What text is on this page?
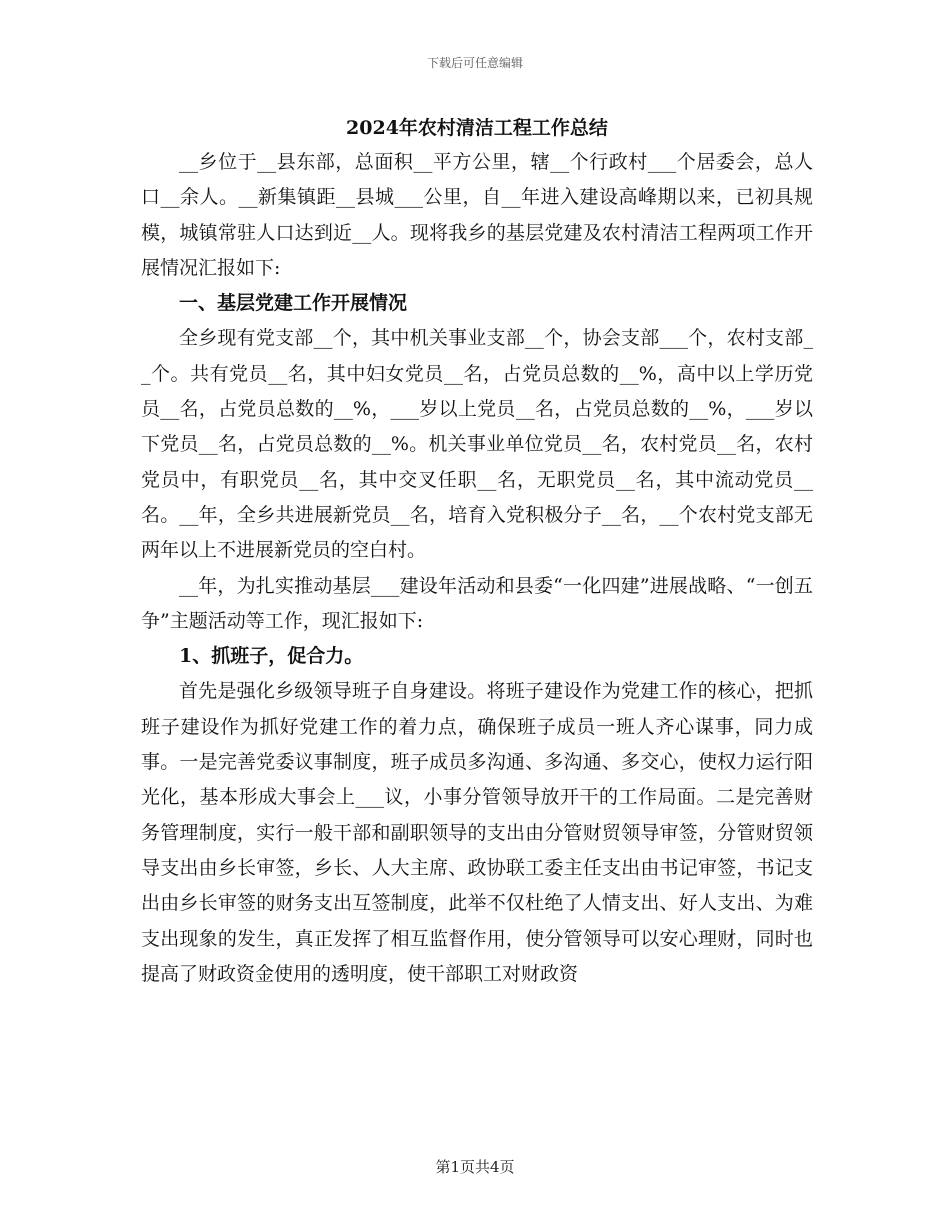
下载后可任意编辑
2024年农村清洁工程工作总结

__乡位于__县东部，总面积__平方公里，辖__个行政村___个居委会，总人口__余人。__新集镇距__县城___公里，自__年进入建设高峰期以来，已初具规模，城镇常驻人口达到近__人。现将我乡的基层党建及农村清洁工程两项工作开展情况汇报如下:

一、基层党建工作开展情况

全乡现有党支部__个，其中机关事业支部__个，协会支部___个，农村支部__个。共有党员__名，其中妇女党员__名，占党员总数的__%，高中以上学历党员__名，占党员总数的__%，___岁以上党员__名，占党员总数的__%，___岁以下党员__名，占党员总数的__%。机关事业单位党员__名，农村党员__名，农村党员中，有职党员__名，其中交叉任职__名，无职党员__名，其中流动党员__名。__年，全乡共进展新党员__名，培育入党积极分子__名，__个农村党支部无两年以上不进展新党员的空白村。

__年，为扎实推动基层___建设年活动和县委“一化四建”进展战略、“一创五争”主题活动等工作，现汇报如下:

1、抓班子，促合力。

首先是强化乡级领导班子自身建设。将班子建设作为党建工作的核心，把抓班子建设作为抓好党建工作的着力点，确保班子成员一班人齐心谋事，同力成事。一是完善党委议事制度，班子成员多沟通、多沟通、多交心，使权力运行阳光化，基本形成大事会上___议，小事分管领导放开干的工作局面。二是完善财务管理制度，实行一般干部和副职领导的支出由分管财贸领导审签，分管财贸领导支出由乡长审签，乡长、人大主席、政协联工委主任支出由书记审签，书记支出由乡长审签的财务支出互签制度，此举不仅杜绝了人情支出、好人支出、为难支出现象的发生，真正发挥了相互监督作用，使分管领导可以安心理财，同时也提高了财政资金使用的透明度，使干部职工对财政资

第1页共4页
